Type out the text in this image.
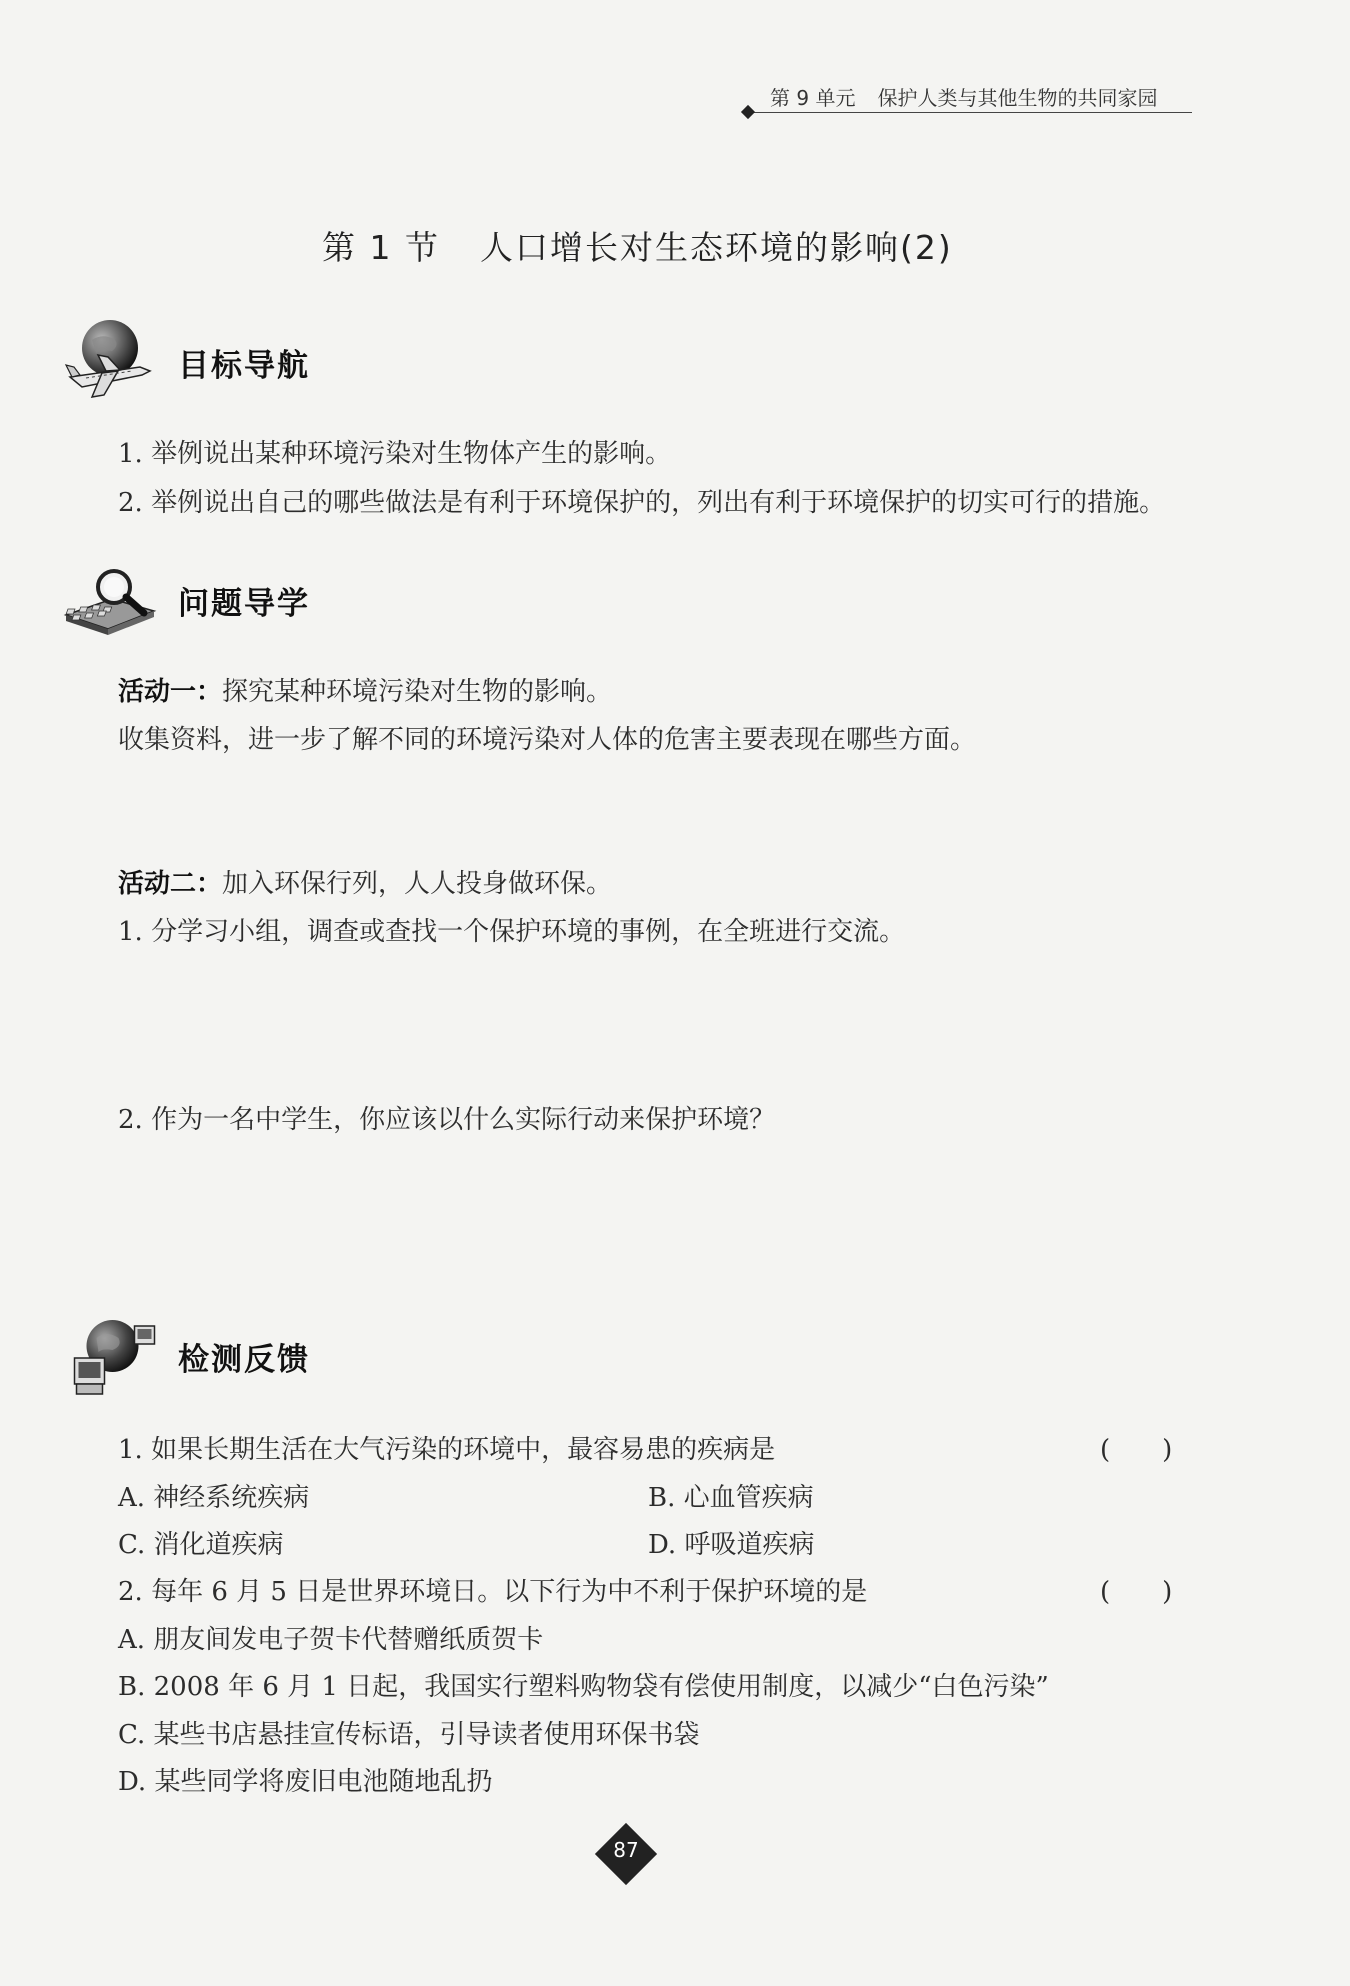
第 9 单元 保护人类与其他生物的共同家园
第 1 节 人口增长对生态环境的影响(2)
目标导航
1. 举例说出某种环境污染对生物体产生的影响。
2. 举例说出自己的哪些做法是有利于环境保护的，列出有利于环境保护的切实可行的措施。
问题导学
活动一：探究某种环境污染对生物的影响。
收集资料，进一步了解不同的环境污染对人体的危害主要表现在哪些方面。
活动二：加入环保行列，人人投身做环保。
1. 分学习小组，调查或查找一个保护环境的事例，在全班进行交流。
2. 作为一名中学生，你应该以什么实际行动来保护环境？
检测反馈
1. 如果长期生活在大气污染的环境中，最容易患的疾病是	(　　)
A. 神经系统疾病	B. 心血管疾病
C. 消化道疾病	D. 呼吸道疾病
2. 每年 6 月 5 日是世界环境日。以下行为中不利于保护环境的是	(　　)
A. 朋友间发电子贺卡代替赠纸质贺卡
B. 2008 年 6 月 1 日起，我国实行塑料购物袋有偿使用制度，以减少“白色污染”
C. 某些书店悬挂宣传标语，引导读者使用环保书袋
D. 某些同学将废旧电池随地乱扔
87
